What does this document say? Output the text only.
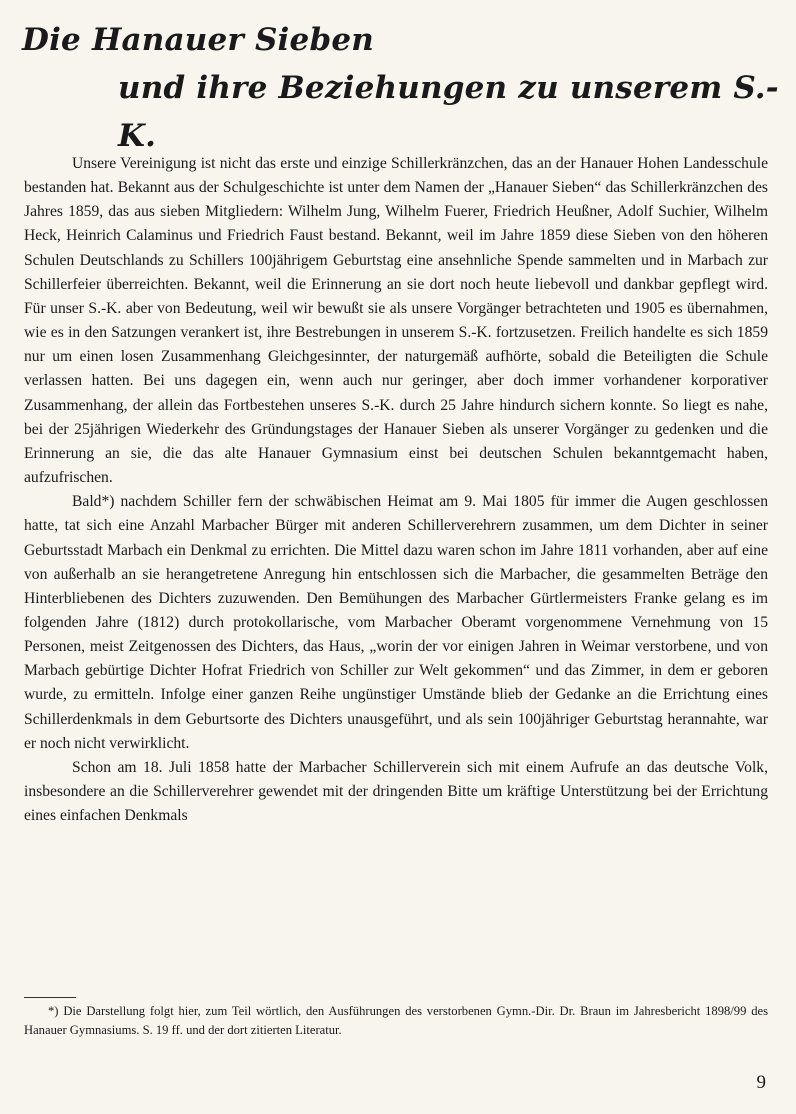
Die Hanauer Sieben
und ihre Beziehungen zu unserem S.-K.

Unsere Vereinigung ist nicht das erste und einzige Schillerkränzchen, das an der Hanauer Hohen Landesschule bestanden hat. Bekannt aus der Schulgeschichte ist unter dem Namen der „Hanauer Sieben“ das Schillerkränzchen des Jahres 1859, das aus sieben Mitgliedern: Wilhelm Jung, Wilhelm Fuerer, Friedrich Heußner, Adolf Suchier, Wilhelm Heck, Heinrich Calaminus und Friedrich Faust bestand. Bekannt, weil im Jahre 1859 diese Sieben von den höheren Schulen Deutschlands zu Schillers 100jährigem Geburtstag eine ansehnliche Spende sammelten und in Marbach zur Schillerfeier überreichten. Bekannt, weil die Erinnerung an sie dort noch heute liebevoll und dankbar gepflegt wird. Für unser S.-K. aber von Bedeutung, weil wir bewußt sie als unsere Vorgänger betrachteten und 1905 es übernahmen, wie es in den Satzungen verankert ist, ihre Bestrebungen in unserem S.-K. fortzusetzen. Freilich handelte es sich 1859 nur um einen losen Zusammenhang Gleichgesinnter, der naturgemäß aufhörte, sobald die Beteiligten die Schule verlassen hatten. Bei uns dagegen ein, wenn auch nur geringer, aber doch immer vorhandener korporativer Zusammenhang, der allein das Fortbestehen unseres S.-K. durch 25 Jahre hindurch sichern konnte. So liegt es nahe, bei der 25jährigen Wiederkehr des Gründungstages der Hanauer Sieben als unserer Vorgänger zu gedenken und die Erinnerung an sie, die das alte Hanauer Gymnasium einst bei deutschen Schulen bekanntgemacht haben, aufzufrischen.

Bald*) nachdem Schiller fern der schwäbischen Heimat am 9. Mai 1805 für immer die Augen geschlossen hatte, tat sich eine Anzahl Marbacher Bürger mit anderen Schillerverehrern zusammen, um dem Dichter in seiner Geburtsstadt Marbach ein Denkmal zu errichten. Die Mittel dazu waren schon im Jahre 1811 vorhanden, aber auf eine von außerhalb an sie herangetretene Anregung hin entschlossen sich die Marbacher, die gesammelten Beträge den Hinterbliebenen des Dichters zuzuwenden. Den Bemühungen des Marbacher Gürtlermeisters Franke gelang es im folgenden Jahre (1812) durch protokollarische, vom Marbacher Oberamt vorgenommene Vernehmung von 15 Personen, meist Zeitgenossen des Dichters, das Haus, „worin der vor einigen Jahren in Weimar verstorbene, und von Marbach gebürtige Dichter Hofrat Friedrich von Schiller zur Welt gekommen“ und das Zimmer, in dem er geboren wurde, zu ermitteln. Infolge einer ganzen Reihe ungünstiger Umstände blieb der Gedanke an die Errichtung eines Schillerdenkmals in dem Geburtsorte des Dichters unausgeführt, und als sein 100jähriger Geburtstag herannahte, war er noch nicht verwirklicht.

Schon am 18. Juli 1858 hatte der Marbacher Schillerverein sich mit einem Aufrufe an das deutsche Volk, insbesondere an die Schillerverehrer gewendet mit der dringenden Bitte um kräftige Unterstützung bei der Errichtung eines einfachen Denkmals

*) Die Darstellung folgt hier, zum Teil wörtlich, den Ausführungen des verstorbenen Gymn.-Dir. Dr. Braun im Jahresbericht 1898/99 des Hanauer Gymnasiums. S. 19 ff. und der dort zitierten Literatur.
9
